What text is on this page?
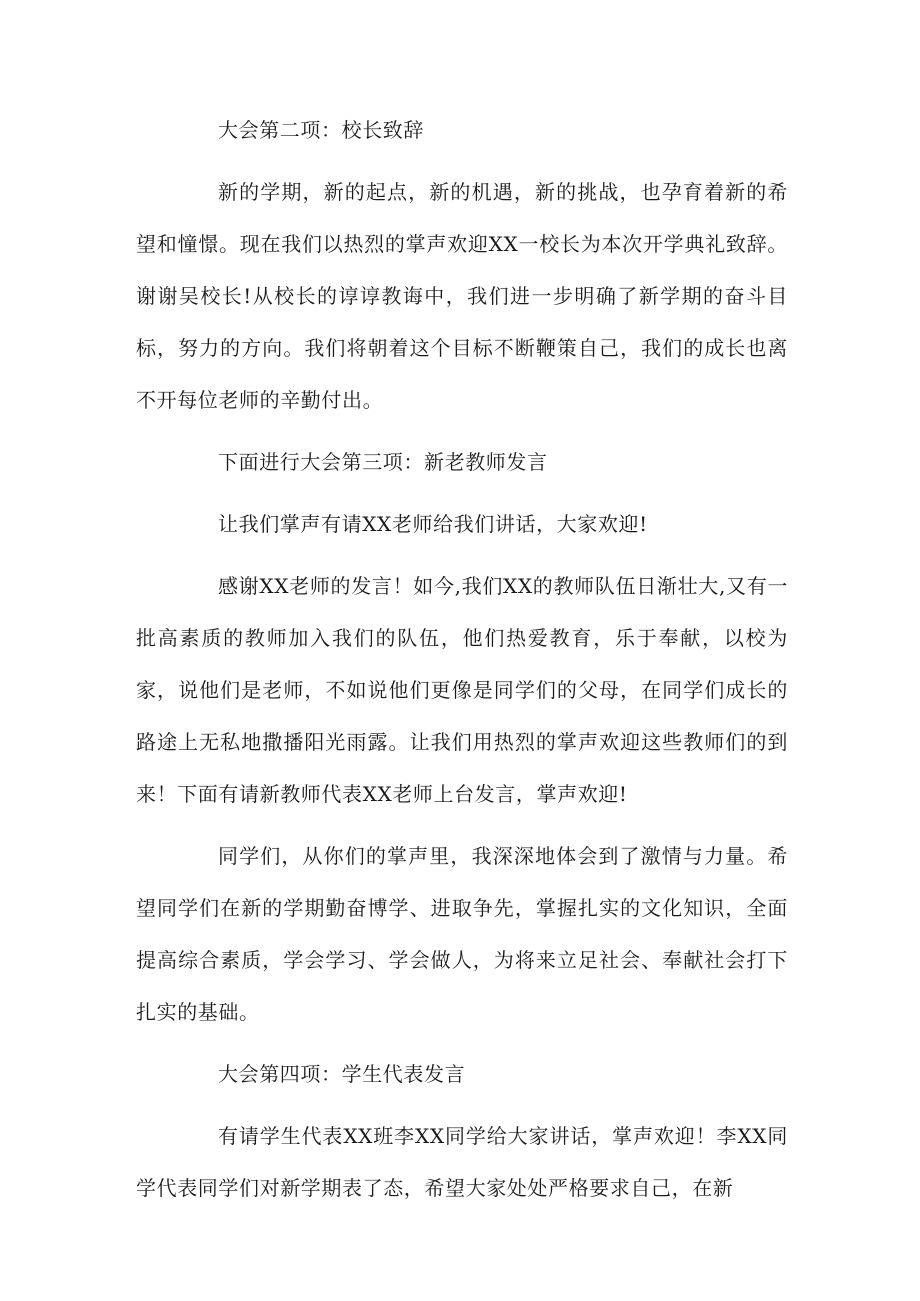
大会第二项：校长致辞

新的学期，新的起点，新的机遇，新的挑战，也孕育着新的希望和憧憬。现在我们以热烈的掌声欢迎XX一校长为本次开学典礼致辞。谢谢吴校长!从校长的谆谆教诲中，我们进一步明确了新学期的奋斗目标，努力的方向。我们将朝着这个目标不断鞭策自己，我们的成长也离不开每位老师的辛勤付出。

下面进行大会第三项：新老教师发言

让我们掌声有请XX老师给我们讲话，大家欢迎!

感谢XX老师的发言！如今,我们XX的教师队伍日渐壮大,又有一批高素质的教师加入我们的队伍，他们热爱教育，乐于奉献，以校为家，说他们是老师，不如说他们更像是同学们的父母，在同学们成长的路途上无私地撒播阳光雨露。让我们用热烈的掌声欢迎这些教师们的到来！下面有请新教师代表XX老师上台发言，掌声欢迎!

同学们，从你们的掌声里，我深深地体会到了激情与力量。希望同学们在新的学期勤奋博学、进取争先，掌握扎实的文化知识，全面提高综合素质，学会学习、学会做人，为将来立足社会、奉献社会打下扎实的基础。

大会第四项：学生代表发言

有请学生代表XX班李XX同学给大家讲话，掌声欢迎！李XX同学代表同学们对新学期表了态，希望大家处处严格要求自己，在新
